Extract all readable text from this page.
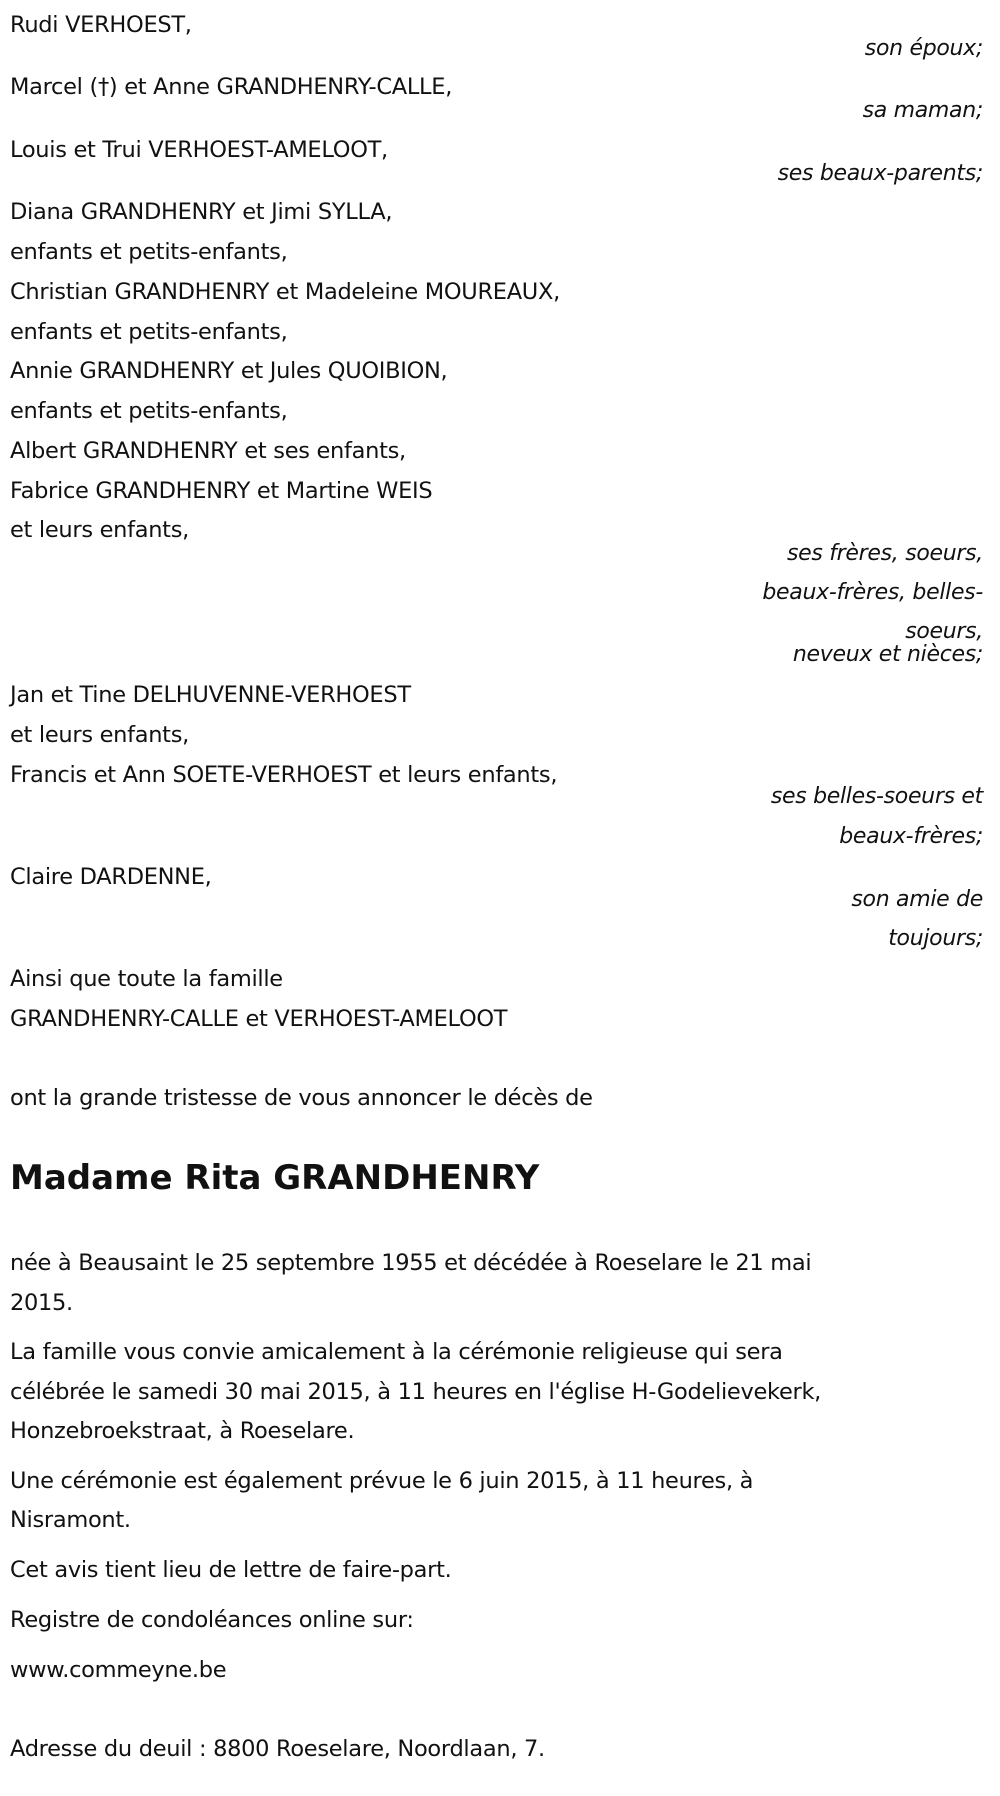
Rudi VERHOEST,
Marcel (†) et Anne GRANDHENRY-CALLE,
Louis et Trui VERHOEST-AMELOOT,
Diana GRANDHENRY et Jimi SYLLA,
enfants et petits-enfants,
Christian GRANDHENRY et Madeleine MOUREAUX,
enfants et petits-enfants,
Annie GRANDHENRY et Jules QUOIBION,
enfants et petits-enfants,
Albert GRANDHENRY et ses enfants,
Fabrice GRANDHENRY et Martine WEIS
et leurs enfants,
Jan et Tine DELHUVENNE-VERHOEST
et leurs enfants,
Francis et Ann SOETE-VERHOEST et leurs enfants,
Claire DARDENNE,
Ainsi que toute la famille
GRANDHENRY-CALLE et VERHOEST-AMELOOT
son époux;
sa maman;
ses beaux-parents;
ses frères, soeurs,
beaux-frères, belles-
soeurs,
neveux et nièces;
ses belles-soeurs et
beaux-frères;
son amie de
toujours;
ont la grande tristesse de vous annoncer le décès de
Madame Rita GRANDHENRY
née à Beausaint le 25 septembre 1955 et décédée à Roeselare le 21 mai
2015.
La famille vous convie amicalement à la cérémonie religieuse qui sera
célébrée le samedi 30 mai 2015, à 11 heures en l'église H-Godelievekerk,
Honzebroekstraat, à Roeselare.
Une cérémonie est également prévue le 6 juin 2015, à 11 heures, à
Nisramont.
Cet avis tient lieu de lettre de faire-part.
Registre de condoléances online sur:
www.commeyne.be
Adresse du deuil : 8800 Roeselare, Noordlaan, 7.
